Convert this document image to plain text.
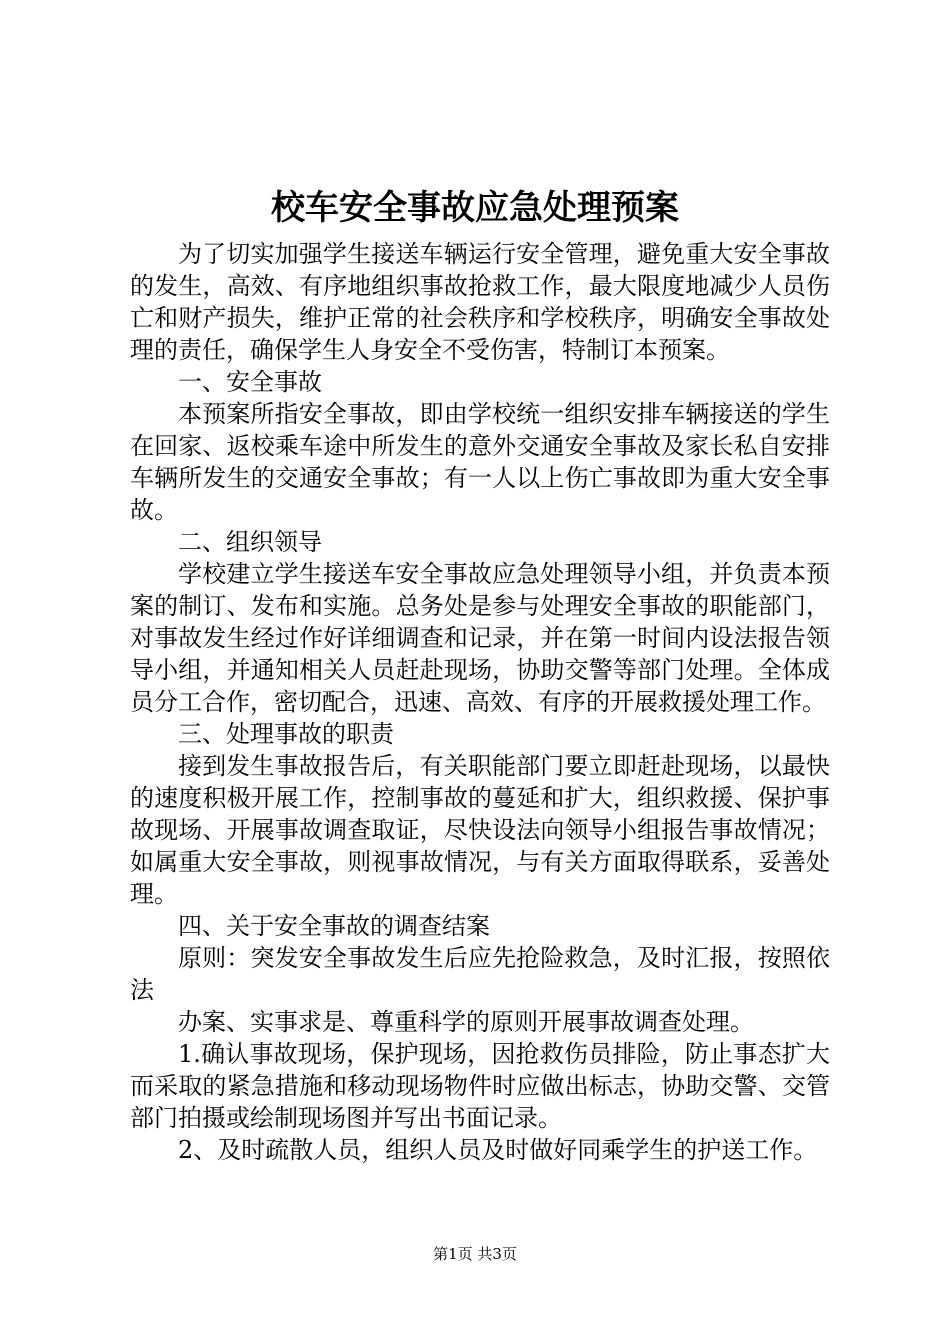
校车安全事故应急处理预案

为了切实加强学生接送车辆运行安全管理，避免重大安全事故的发生，高效、有序地组织事故抢救工作，最大限度地减少人员伤亡和财产损失，维护正常的社会秩序和学校秩序，明确安全事故处理的责任，确保学生人身安全不受伤害，特制订本预案。

一、安全事故

本预案所指安全事故，即由学校统一组织安排车辆接送的学生在回家、返校乘车途中所发生的意外交通安全事故及家长私自安排车辆所发生的交通安全事故；有一人以上伤亡事故即为重大安全事故。

二、组织领导

学校建立学生接送车安全事故应急处理领导小组，并负责本预案的制订、发布和实施。总务处是参与处理安全事故的职能部门，对事故发生经过作好详细调查和记录，并在第一时间内设法报告领导小组，并通知相关人员赶赴现场，协助交警等部门处理。全体成员分工合作，密切配合，迅速、高效、有序的开展救援处理工作。

三、处理事故的职责

接到发生事故报告后，有关职能部门要立即赶赴现场，以最快的速度积极开展工作，控制事故的蔓延和扩大，组织救援、保护事故现场、开展事故调查取证，尽快设法向领导小组报告事故情况；如属重大安全事故，则视事故情况，与有关方面取得联系，妥善处理。

四、关于安全事故的调查结案

原则：突发安全事故发生后应先抢险救急，及时汇报，按照依法

办案、实事求是、尊重科学的原则开展事故调查处理。

1.确认事故现场，保护现场，因抢救伤员排险，防止事态扩大而采取的紧急措施和移动现场物件时应做出标志，协助交警、交管部门拍摄或绘制现场图并写出书面记录。

2、及时疏散人员，组织人员及时做好同乘学生的护送工作。

第1页 共3页
